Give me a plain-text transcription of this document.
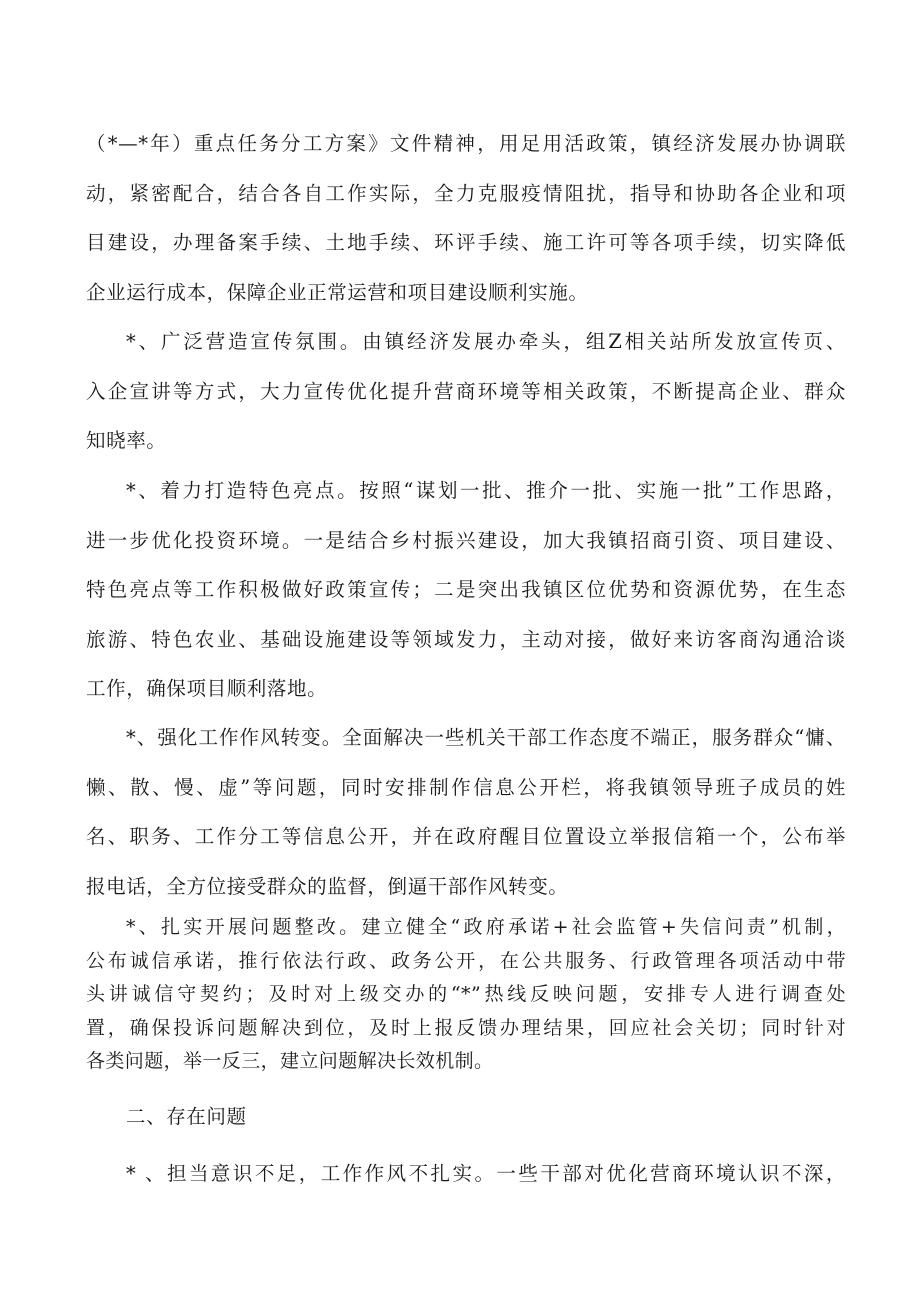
（*—*年）重点任务分工方案》文件精神，用足用活政策，镇经济发展办协调联
动，紧密配合，结合各自工作实际，全力克服疫情阻扰，指导和协助各企业和项
目建设，办理备案手续、土地手续、环评手续、施工许可等各项手续，切实降低
企业运行成本，保障企业正常运营和项目建设顺利实施。
*、广泛营造宣传氛围。由镇经济发展办牵头，组Z相关站所发放宣传页、
入企宣讲等方式，大力宣传优化提升营商环境等相关政策，不断提高企业、群众
知晓率。
*、着力打造特色亮点。按照“谋划一批、推介一批、实施一批”工作思路，
进一步优化投资环境。一是结合乡村振兴建设，加大我镇招商引资、项目建设、
特色亮点等工作积极做好政策宣传；二是突出我镇区位优势和资源优势，在生态
旅游、特色农业、基础设施建设等领域发力，主动对接，做好来访客商沟通洽谈
工作，确保项目顺利落地。
*、强化工作作风转变。全面解决一些机关干部工作态度不端正，服务群众“慵、
懒、散、慢、虚”等问题，同时安排制作信息公开栏，将我镇领导班子成员的姓
名、职务、工作分工等信息公开，并在政府醒目位置设立举报信箱一个，公布举
报电话，全方位接受群众的监督，倒逼干部作风转变。
*、扎实开展问题整改。建立健全“政府承诺+社会监管+失信问责”机制，
公布诚信承诺，推行依法行政、政务公开，在公共服务、行政管理各项活动中带
头讲诚信守契约；及时对上级交办的“*”热线反映问题，安排专人进行调查处
置，确保投诉问题解决到位，及时上报反馈办理结果，回应社会关切；同时针对
各类问题，举一反三，建立问题解决长效机制。
二、存在问题
* 、担当意识不足，工作作风不扎实。一些干部对优化营商环境认识不深，
